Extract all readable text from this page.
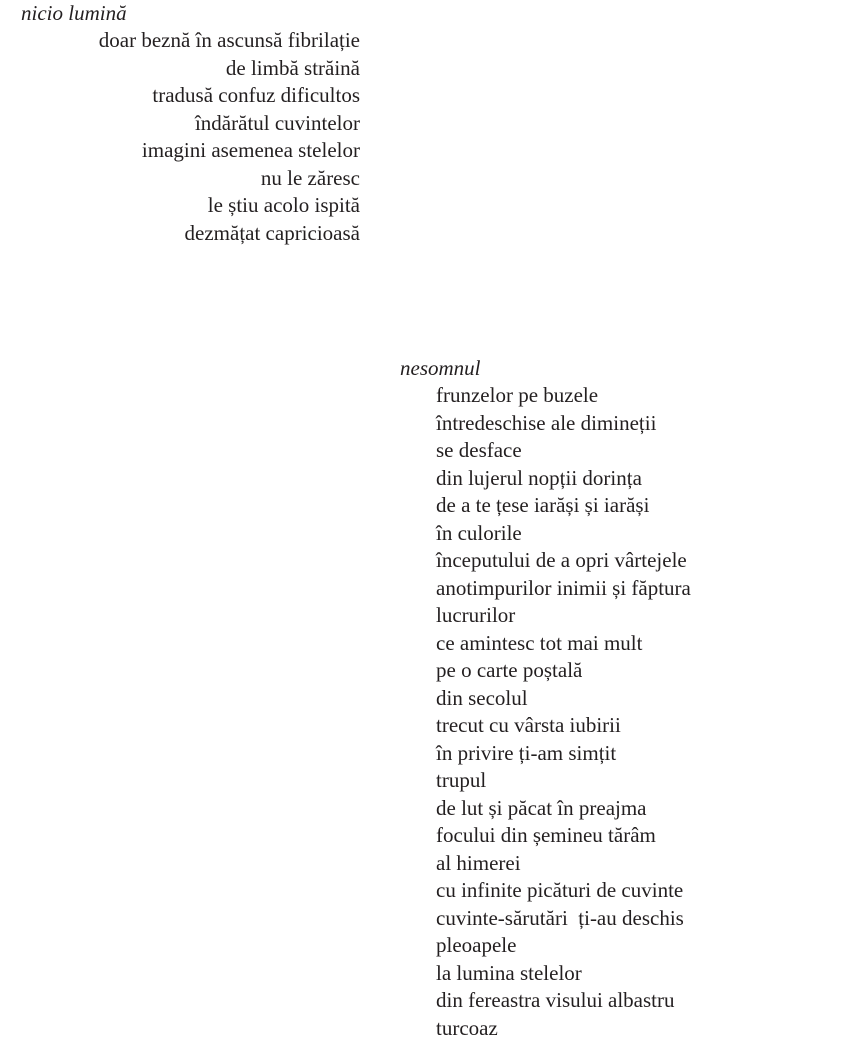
nicio lumină
doar beznă în ascunsă fibrilație
de limbă străină
tradusă confuz dificultos
îndărătul cuvintelor
imagini asemenea stelelor
nu le zăresc
le știu acolo ispită
dezmățat capricioasă
nesomnul
frunzelor pe buzele
întredeschise ale dimineții
se desface
din lujerul nopții dorința
de a te țese iarăși și iarăși
în culorile
începutului de a opri vârtejele
anotimpurilor inimii și făptura
lucrurilor
ce amintesc tot mai mult
pe o carte poștală
din secolul
trecut cu vârsta iubirii
în privire ți-am simțit
trupul
de lut și păcat în preajma
focului din șemineu tărâm
al himerei
cu infinite picături de cuvinte
cuvinte-sărutări  ți-au deschis
pleoapele
la lumina stelelor
din fereastra visului albastru
turcoaz
